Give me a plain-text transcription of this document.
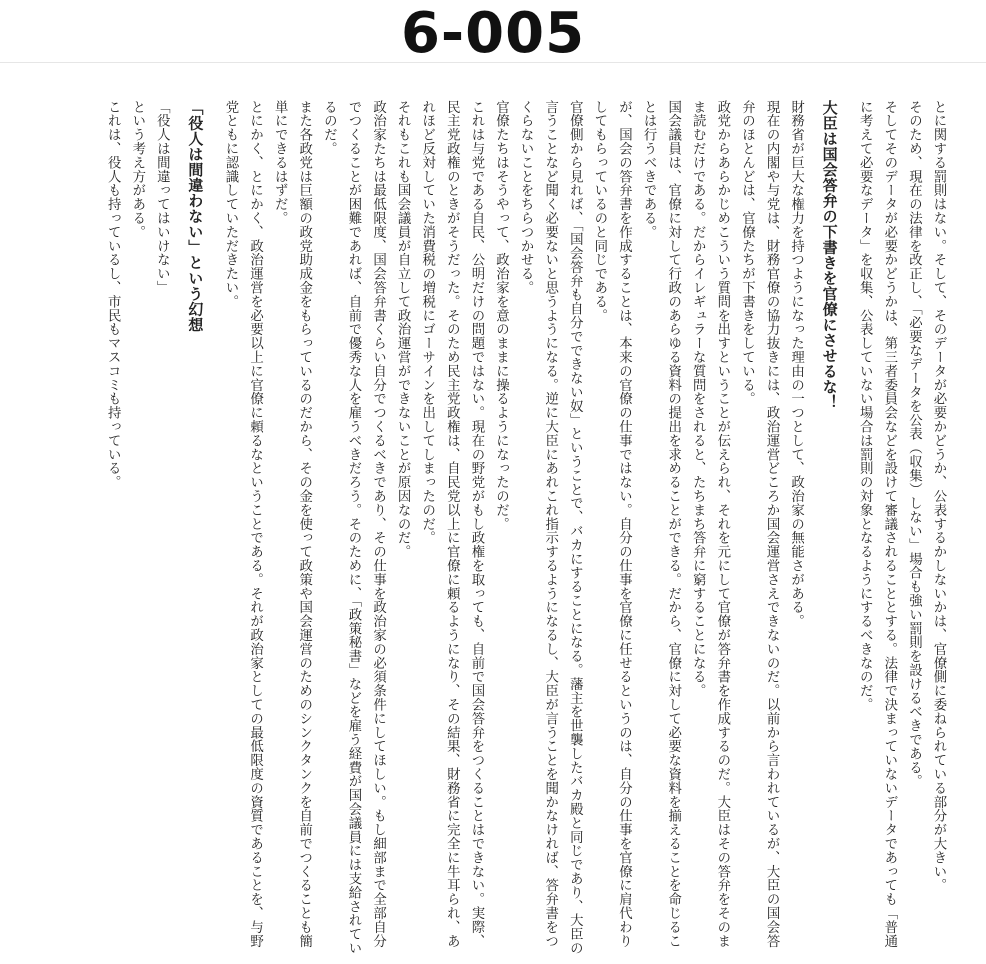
6-005

とに関する罰則はない。そして、そのデータが必要かどうか、公表するかしないかは、官僚側に委ねられている部分が大きい。

そのため、現在の法律を改正し、「必要なデータを公表（収集）しない」場合も強い罰則を設けるべきである。

そしてそのデータが必要かどうかは、第三者委員会などを設けて審議されることとする。法律で決まっていないデータであっても「普通に考えて必要なデータ」を収集、公表していない場合は罰則の対象となるようにするべきなのだ。

大臣は国会答弁の下書きを官僚にさせるな！

財務省が巨大な権力を持つようになった理由の一つとして、政治家の無能さがある。

現在の内閣や与党は、財務官僚の協力抜きには、政治運営どころか国会運営さえできないのだ。以前から言われているが、大臣の国会答弁のほとんどは、官僚たちが下書きをしている。

政党からあらかじめこういう質問を出すということが伝えられ、それを元にして官僚が答弁書を作成するのだ。大臣はその答弁をそのまま読むだけである。だからイレギュラーな質問をされると、たちまち答弁に窮することになる。

国会議員は、官僚に対して行政のあらゆる資料の提出を求めることができる。だから、官僚に対して必要な資料を揃えることを命じることは行うべきである。

が、国会の答弁書を作成することは、本来の官僚の仕事ではない。自分の仕事を官僚に任せるというのは、自分の仕事を官僚に肩代わりしてもらっているのと同じである。

官僚側から見れば、「国会答弁も自分でできない奴」ということで、バカにすることになる。藩主を世襲したバカ殿と同じであり、大臣の言うことなど聞く必要ないと思うようになる。逆に大臣にあれこれ指示するようになるし、大臣が言うことを聞かなければ、答弁書をつくらないことをちらつかせる。

官僚たちはそうやって、政治家を意のままに操るようになったのだ。

これは与党である自民、公明だけの問題ではない。現在の野党がもし政権を取っても、自前で国会答弁をつくることはできない。実際、民主党政権のときがそうだった。そのため民主党政権は、自民党以上に官僚に頼るようになり、その結果、財務省に完全に牛耳られ、あれほど反対していた消費税の増税にゴーサインを出してしまったのだ。

それもこれも国会議員が自立して政治運営ができないことが原因なのだ。

政治家たちは最低限度、国会答弁書くらい自分でつくるべきであり、その仕事を政治家の必須条件にしてほしい。もし細部まで全部自分でつくることが困難であれば、自前で優秀な人を雇うべきだろう。そのために、「政策秘書」などを雇う経費が国会議員には支給されているのだ。

また各政党は巨額の政党助成金をもらっているのだから、その金を使って政策や国会運営のためのシンクタンクを自前でつくることも簡単にできるはずだ。

とにかく、とにかく、政治運営を必要以上に官僚に頼るなということである。それが政治家としての最低限度の資質であることを、与野党ともに認識していただきたい。

「役人は間違わない」という幻想

「役人は間違ってはいけない」

という考え方がある。

これは、役人も持っているし、市民もマスコミも持っている。
